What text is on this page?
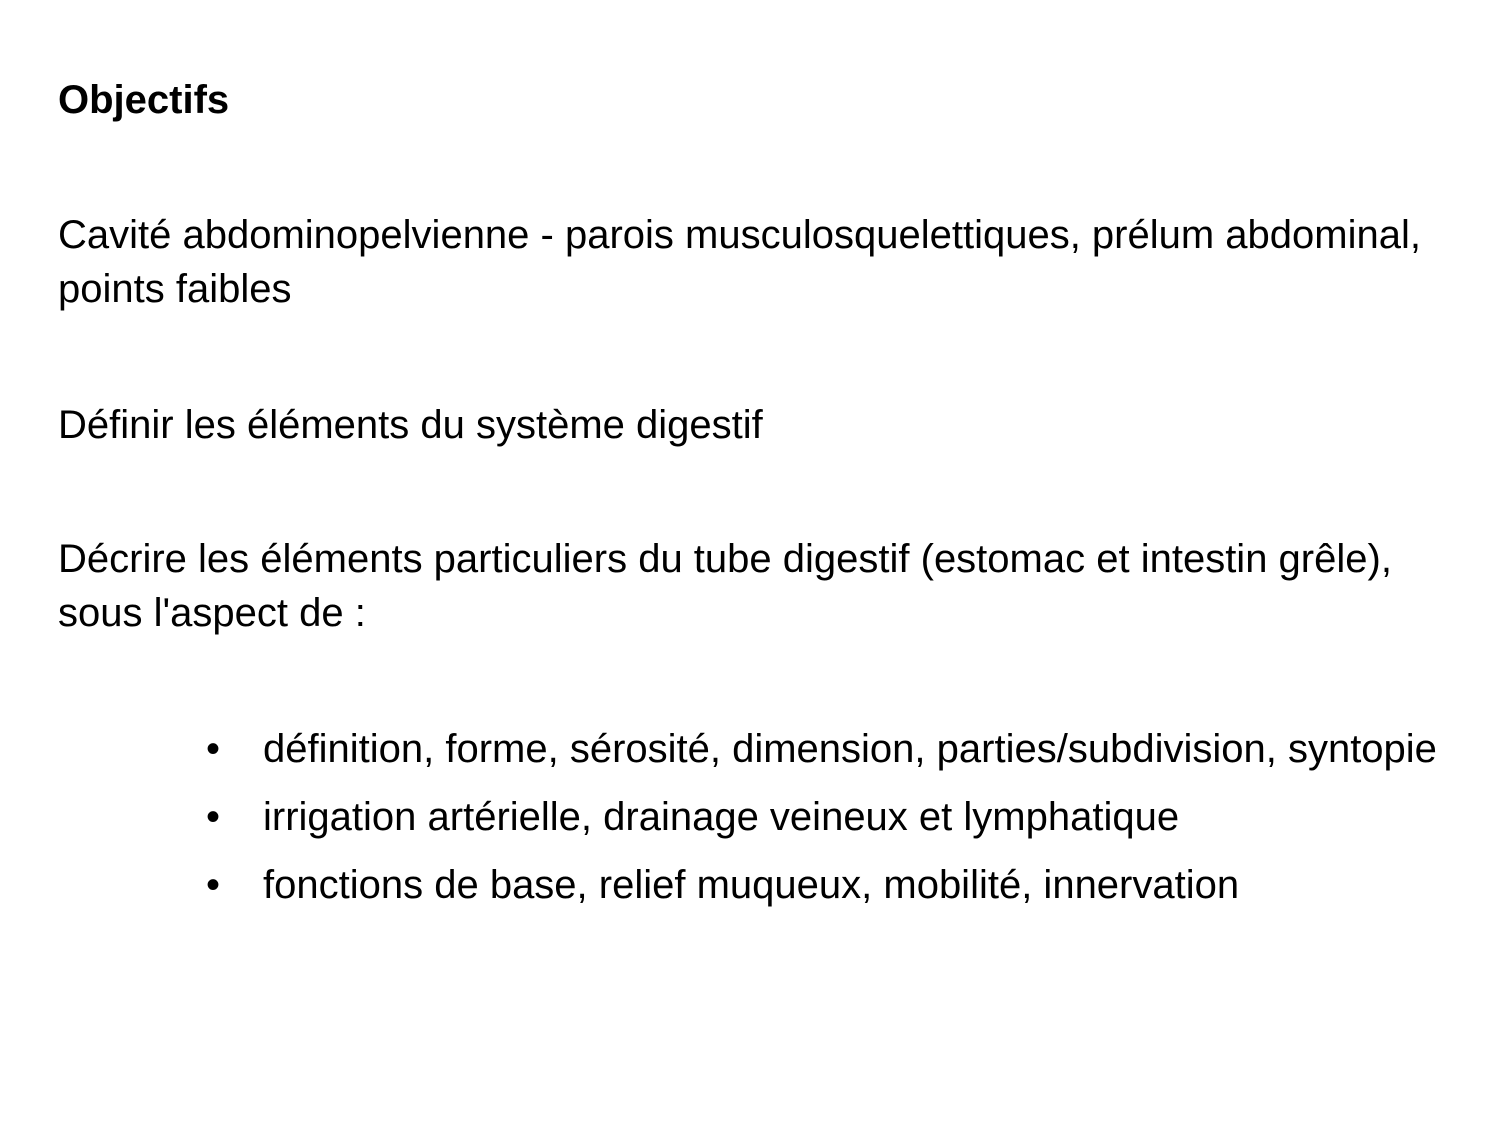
Objectifs

Cavité abdominopelvienne - parois musculosquelettiques, prélum abdominal, points faibles

Définir les éléments du système digestif

Décrire les éléments particuliers du tube digestif (estomac et intestin grêle), sous l'aspect de :

• définition, forme, sérosité, dimension, parties/subdivision, syntopie
• irrigation artérielle, drainage veineux et lymphatique
• fonctions de base, relief muqueux, mobilité, innervation
